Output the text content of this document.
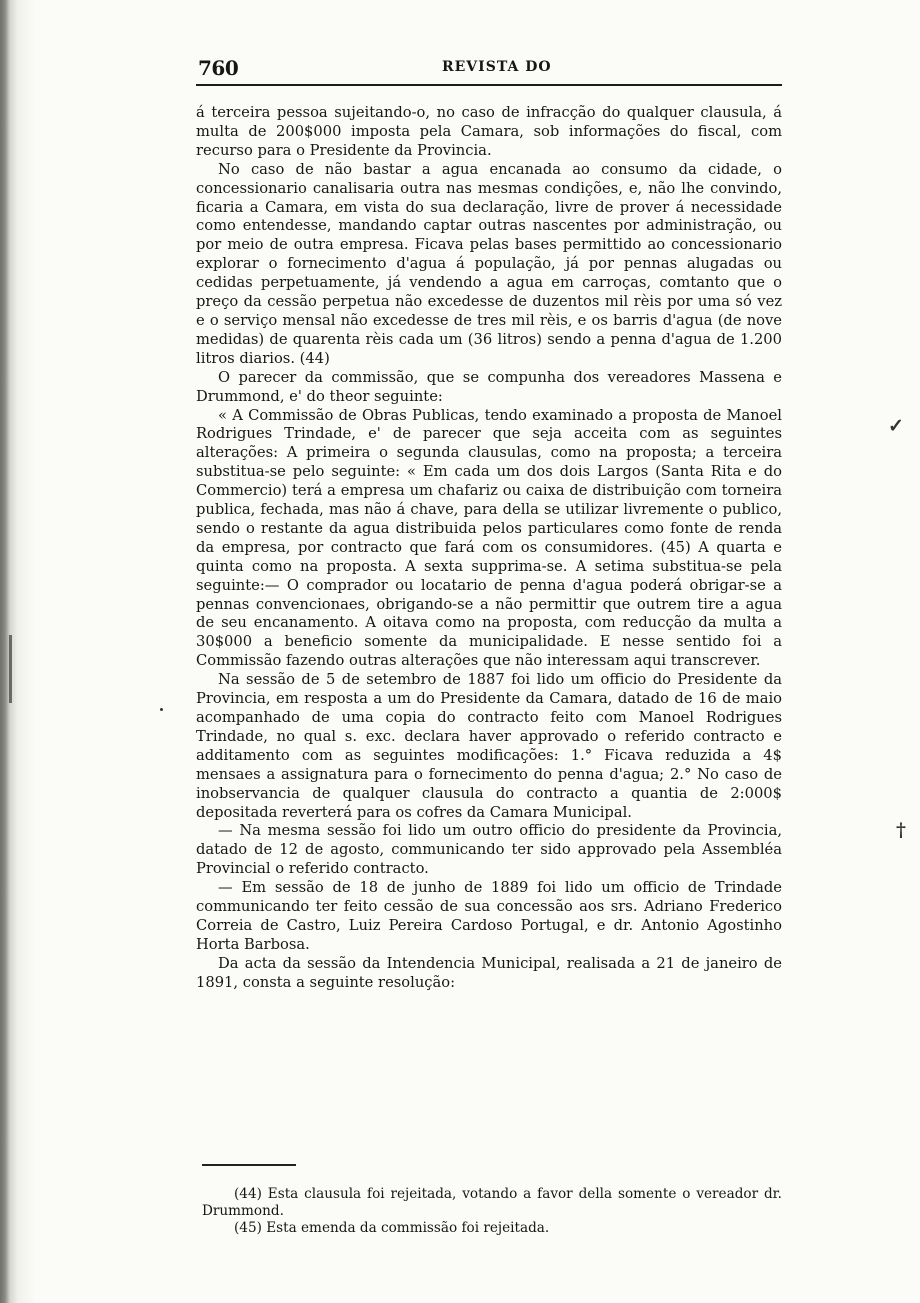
760	REVISTA DO

á terceira pessoa sujeitando-o, no caso de infracção do qualquer clausula, á multa de 200$000 imposta pela Camara, sob informações do fiscal, com recurso para o Presidente da Provincia.

No caso de não bastar a agua encanada ao consumo da cidade, o concessionario canalisaria outra nas mesmas condições, e, não lhe convindo, ficaria a Camara, em vista do sua declaração, livre de prover á necessidade como entendesse, mandando captar outras nascentes por administração, ou por meio de outra empresa. Ficava pelas bases permittido ao concessionario explorar o fornecimento d'agua á população, já por pennas alugadas ou cedidas perpetuamente, já vendendo a agua em carroças, comtanto que o preço da cessão perpetua não excedesse de duzentos mil rèis por uma só vez e o serviço mensal não excedesse de tres mil rèis, e os barris d'agua (de nove medidas) de quarenta rèis cada um (36 litros) sendo a penna d'agua de 1.200 litros diarios. (44)

O parecer da commissão, que se compunha dos vereadores Massena e Drummond, e' do theor seguinte:

« A Commissão de Obras Publicas, tendo examinado a proposta de Manoel Rodrigues Trindade, e' de parecer que seja acceita com as seguintes alterações: A primeira o segunda clausulas, como na proposta; a terceira substitua-se pelo seguinte: « Em cada um dos dois Largos (Santa Rita e do Commercio) terá a empresa um chafariz ou caixa de distribuição com torneira publica, fechada, mas não á chave, para della se utilizar livremente o publico, sendo o restante da agua distribuida pelos particulares como fonte de renda da empresa, por contracto que fará com os consumidores. (45) A quarta e quinta como na proposta. A sexta supprima-se. A setima substitua-se pela seguinte:— O comprador ou locatario de penna d'agua poderá obrigar-se a pennas convencionaes, obrigando-se a não permittir que outrem tire a agua de seu encanamento. A oitava como na proposta, com reducção da multa a 30$000 a beneficio somente da municipalidade. E nesse sentido foi a Commissão fazendo outras alterações que não interessam aqui transcrever.

Na sessão de 5 de setembro de 1887 foi lido um officio do Presidente da Provincia, em resposta a um do Presidente da Camara, datado de 16 de maio acompanhado de uma copia do contracto feito com Manoel Rodrigues Trindade, no qual s. exc. declara haver approvado o referido contracto e additamento com as seguintes modificações: 1.° Ficava reduzida a 4$ mensaes a assignatura para o fornecimento do penna d'agua; 2.° No caso de inobservancia de qualquer clausula do contracto a quantia de 2:000$ depositada reverterá para os cofres da Camara Municipal.

— Na mesma sessão foi lido um outro officio do presidente da Provincia, datado de 12 de agosto, communicando ter sido approvado pela Assembléa Provincial o referido contracto.

— Em sessão de 18 de junho de 1889 foi lido um officio de Trindade communicando ter feito cessão de sua concessão aos srs. Adriano Frederico Correia de Castro, Luiz Pereira Cardoso Portugal, e dr. Antonio Agostinho Horta Barbosa.

Da acta da sessão da Intendencia Municipal, realisada a 21 de janeiro de 1891, consta a seguinte resolução:

(44) Esta clausula foi rejeitada, votando a favor della somente o vereador dr. Drummond.

(45) Esta emenda da commissão foi rejeitada.

✓
†
